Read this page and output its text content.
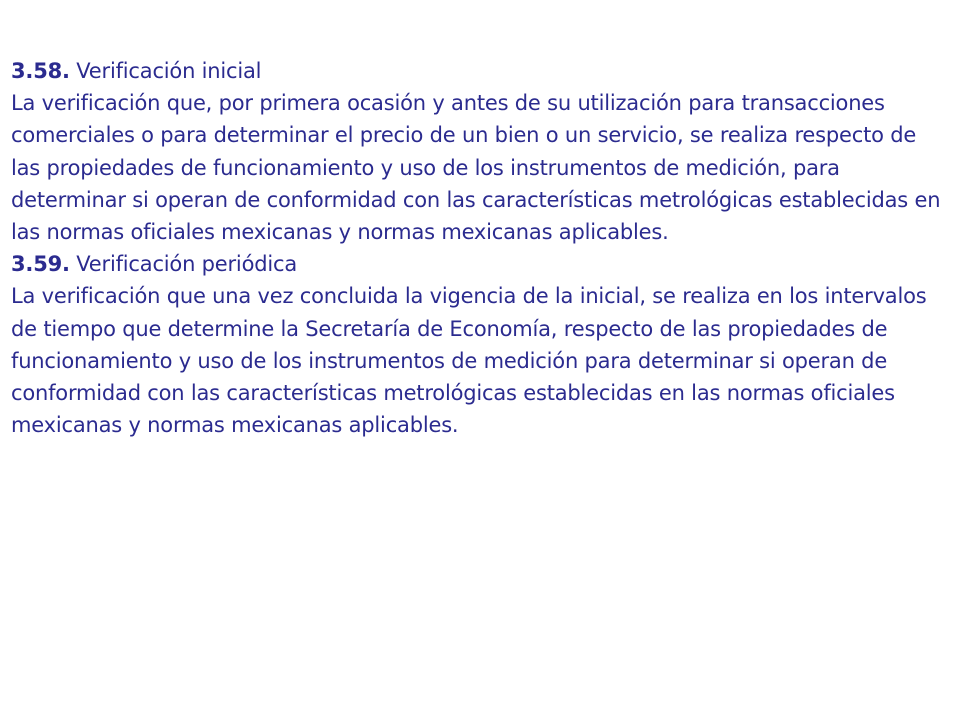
3.58. Verificación inicial

La verificación que, por primera ocasión y antes de su utilización para transacciones comerciales o para determinar el precio de un bien o un servicio, se realiza respecto de las propiedades de funcionamiento y uso de los instrumentos de medición, para determinar si operan de conformidad con las características metrológicas establecidas en las normas oficiales mexicanas y normas mexicanas aplicables.

3.59. Verificación periódica

La verificación que una vez concluida la vigencia de la inicial, se realiza en los intervalos de tiempo que determine la Secretaría de Economía, respecto de las propiedades de funcionamiento y uso de los instrumentos de medición para determinar si operan de conformidad con las características metrológicas establecidas en las normas oficiales mexicanas y normas mexicanas aplicables.
